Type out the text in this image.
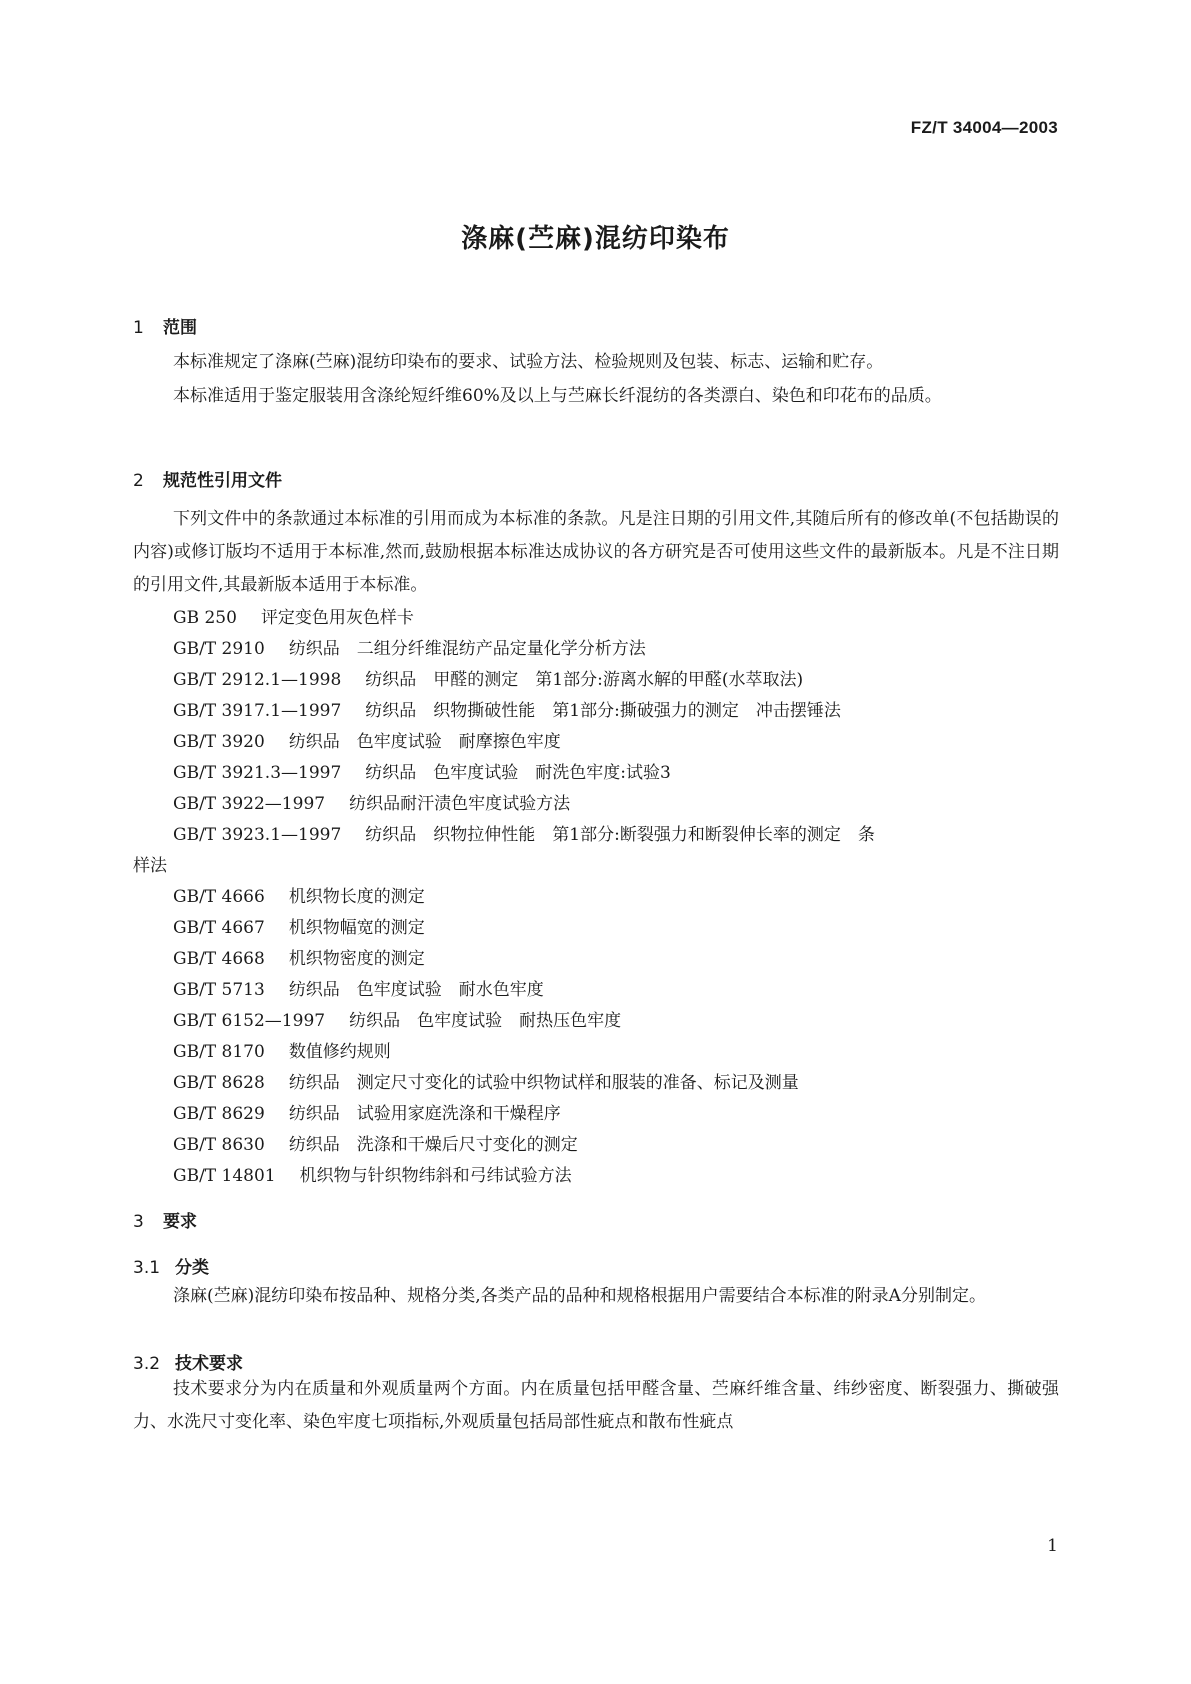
FZ/T 34004—2003
涤麻(苎麻)混纺印染布
1 范围

本标准规定了涤麻(苎麻)混纺印染布的要求、试验方法、检验规则及包装、标志、运输和贮存。

本标准适用于鉴定服装用含涤纶短纤维60%及以上与苎麻长纤混纺的各类漂白、染色和印花布的品质。

2 规范性引用文件

下列文件中的条款通过本标准的引用而成为本标准的条款。凡是注日期的引用文件,其随后所有的修改单(不包括勘误的内容)或修订版均不适用于本标准,然而,鼓励根据本标准达成协议的各方研究是否可使用这些文件的最新版本。凡是不注日期的引用文件,其最新版本适用于本标准。

GB 250 评定变色用灰色样卡
GB/T 2910 纺织品　二组分纤维混纺产品定量化学分析方法
GB/T 2912.1—1998 纺织品　甲醛的测定　第1部分:游离水解的甲醛(水萃取法)
GB/T 3917.1—1997 纺织品　织物撕破性能　第1部分:撕破强力的测定　冲击摆锤法
GB/T 3920 纺织品　色牢度试验　耐摩擦色牢度
GB/T 3921.3—1997 纺织品　色牢度试验　耐洗色牢度:试验3
GB/T 3922—1997 纺织品耐汗渍色牢度试验方法
GB/T 3923.1—1997 纺织品　织物拉伸性能　第1部分:断裂强力和断裂伸长率的测定　条
样法
GB/T 4666 机织物长度的测定
GB/T 4667 机织物幅宽的测定
GB/T 4668 机织物密度的测定
GB/T 5713 纺织品　色牢度试验　耐水色牢度
GB/T 6152—1997 纺织品　色牢度试验　耐热压色牢度
GB/T 8170 数值修约规则
GB/T 8628 纺织品　测定尺寸变化的试验中织物试样和服装的准备、标记及测量
GB/T 8629 纺织品　试验用家庭洗涤和干燥程序
GB/T 8630 纺织品　洗涤和干燥后尺寸变化的测定
GB/T 14801 机织物与针织物纬斜和弓纬试验方法
3 要求
3.1 分类

涤麻(苎麻)混纺印染布按品种、规格分类,各类产品的品种和规格根据用户需要结合本标准的附录A分别制定。

3.2 技术要求

技术要求分为内在质量和外观质量两个方面。内在质量包括甲醛含量、苎麻纤维含量、纬纱密度、断裂强力、撕破强力、水洗尺寸变化率、染色牢度七项指标,外观质量包括局部性疵点和散布性疵点

1
